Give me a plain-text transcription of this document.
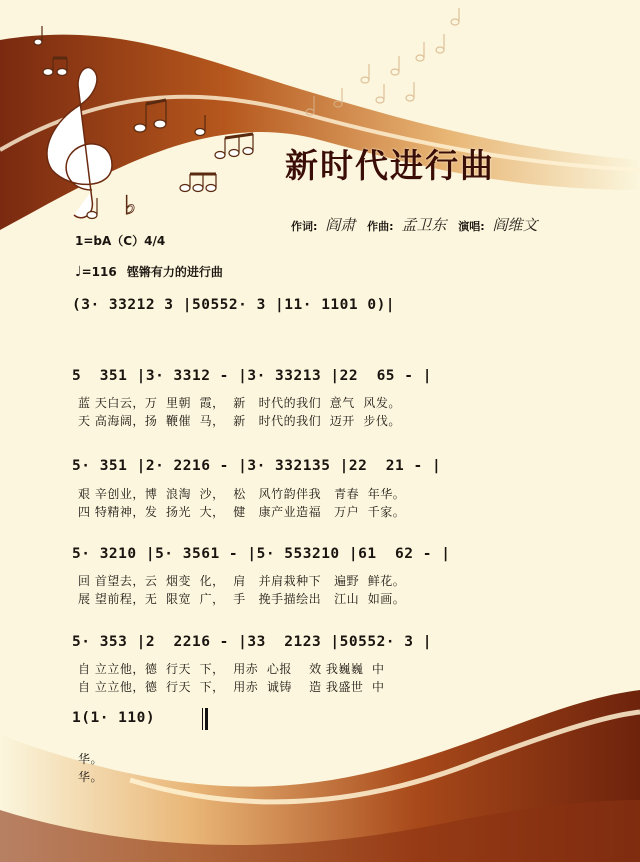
♭
新时代进行曲
作词: 阎肃 作曲: 孟卫东 演唱: 阎维文
1=bA（C）4/4
♩=116 铿锵有力的进行曲
(3· 33212 3 |50552· 3 |11· 1101 0)|
5  351 |3· 3312 - |3· 33213 |22  65 - |
蓝 天白云，万  里朝  霞，  新   时代的我们  意气  风发。
天 高海阔，扬  鞭催  马，  新   时代的我们  迈开  步伐。
5· 351 |2· 2216 - |3· 332135 |22  21 - |
艰 辛创业，博  浪淘  沙，  松   风竹韵伴我   青春  年华。
四 特精神，发  扬光  大，  健   康产业造福   万户  千家。
5· 3210 |5· 3561 - |5· 553210 |61  62 - |
回 首望去，云  烟变  化，  肩   并肩栽种下   遍野  鲜花。
展 望前程，无  限宽  广，  手   挽手描绘出   江山  如画。
5· 353 |2  2216 - |33  2123 |50552· 3 |
自 立立他，德  行天  下，  用赤  心报    效 我巍巍  中
自 立立他，德  行天  下，  用赤  诚铸    造 我盛世  中
1(1· 110)
华。
华。
